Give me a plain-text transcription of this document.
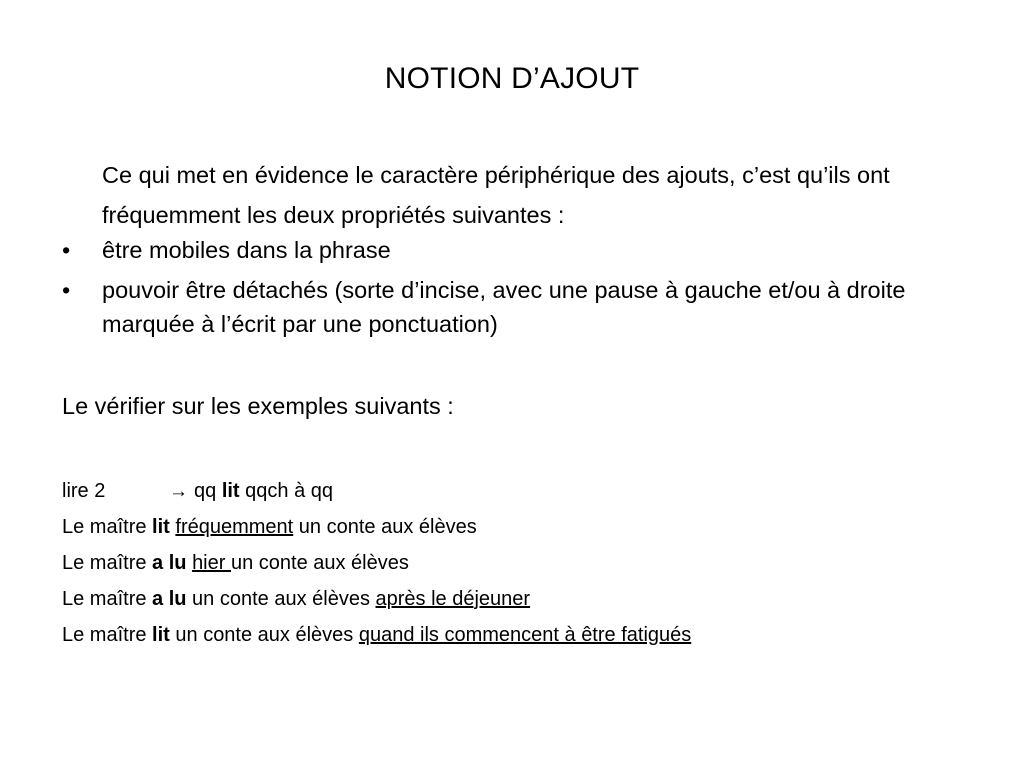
NOTION D’AJOUT
Ce qui met en évidence le caractère périphérique des ajouts, c’est qu’ils ont fréquemment les deux propriétés suivantes :
• être mobiles dans la phrase
• pouvoir être détachés (sorte d’incise, avec une pause à gauche et/ou à droite marquée à l’écrit par une ponctuation)
Le vérifier sur les exemples suivants :
lire 2	→ qq lit qqch à qq
Le maître lit fréquemment un conte aux élèves
Le maître a lu hier un conte aux élèves
Le maître a lu un conte aux élèves après le déjeuner
Le maître lit un conte aux élèves quand ils commencent à être fatigués
